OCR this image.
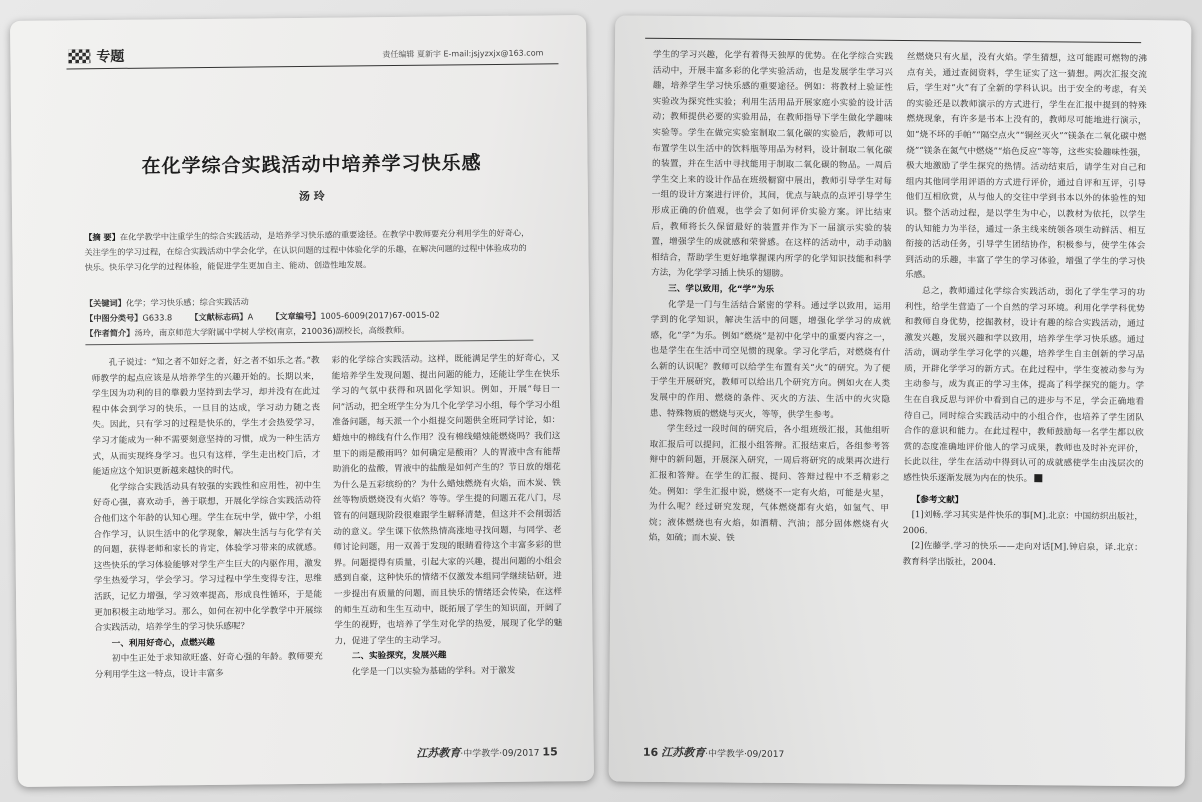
专题	责任编辑 夏新宇 E-mail:jsjyzxjx@163.com
在化学综合实践活动中培养学习快乐感
汤 玲
【摘 要】在化学教学中注重学生的综合实践活动，是培养学习快乐感的重要途径。在教学中教师要充分利用学生的好奇心，关注学生的学习过程，在综合实践活动中学会化学，在认识问题的过程中体验化学的乐趣，在解决问题的过程中体验成功的快乐。快乐学习化学的过程体验，能促进学生更加自主、能动、创造性地发展。
【关键词】化学；学习快乐感；综合实践活动
【中图分类号】G633.8 【文献标志码】A 【文章编号】1005-6009(2017)67-0015-02
【作者简介】汤玲，南京师范大学附属中学树人学校(南京，210036)副校长，高级教师。

孔子说过：“知之者不如好之者，好之者不如乐之者。”教师教学的起点应该是从培养学生的兴趣开始的。长期以来，学生因为功利的目的靠毅力坚持到去学习，却并没有在此过程中体会到学习的快乐，一旦目的达成，学习动力随之丧失。因此，只有学习的过程是快乐的，学生才会热爱学习，学习才能成为一种不需要刻意坚持的习惯，成为一种生活方式，从而实现终身学习。也只有这样，学生走出校门后，才能适应这个知识更新越来越快的时代。

化学综合实践活动具有较强的实践性和应用性，初中生好奇心强，喜欢动手，善于联想，开展化学综合实践活动符合他们这个年龄的认知心理。学生在玩中学，做中学，小组合作学习，认识生活中的化学现象，解决生活与与化学有关的问题，获得老师和家长的肯定，体验学习带来的成就感。这些快乐的学习体验能够对学生产生巨大的内驱作用，激发学生热爱学习，学会学习。学习过程中学生变得专注，思维活跃，记忆力增强，学习效率提高，形成良性循环，于是能更加积极主动地学习。那么，如何在初中化学教学中开展综合实践活动，培养学生的学习快乐感呢？

一、利用好奇心，点燃兴趣

初中生正处于求知欲旺盛、好奇心强的年龄。教师要充分利用学生这一特点，设计丰富多

彩的化学综合实践活动。这样，既能满足学生的好奇心，又能培养学生发现问题、提出问题的能力，还能让学生在快乐学习的气氛中获得和巩固化学知识。例如，开展“每日一问”活动，把全班学生分为几个化学学习小组，每个学习小组准备问题，每天派一个小组提交问题供全班同学讨论，如：蜡烛中的棉线有什么作用？没有棉线蜡烛能燃烧吗？我们这里下的雨是酸雨吗？如何确定是酸雨？人的胃液中含有能帮助消化的盐酸，胃液中的盐酸是如何产生的？节日放的烟花为什么是五彩缤纷的？为什么蜡烛燃烧有火焰，而木炭、铁丝等物质燃烧没有火焰？等等。学生提的问题五花八门，尽管有的问题现阶段很难跟学生解释清楚，但这并不会削弱活动的意义。学生课下依然热情高涨地寻找问题，与同学、老师讨论问题，用一双善于发现的眼睛看待这个丰富多彩的世界。问题提得有质量，引起大家的兴趣，提出问题的小组会感到自豪，这种快乐的情绪不仅激发本组同学继续钻研，进一步提出有质量的问题，而且快乐的情绪还会传染，在这样的师生互动和生生互动中，既拓展了学生的知识面，开阔了学生的视野，也培养了学生对化学的热爱，展现了化学的魅力，促进了学生的主动学习。

二、实验探究，发展兴趣

化学是一门以实验为基础的学科。对于激发

江苏教育·中学教学·09/2017 15

学生的学习兴趣，化学有着得天独厚的优势。在化学综合实践活动中，开展丰富多彩的化学实验活动，也是发展学生学习兴趣，培养学生学习快乐感的重要途径。例如：将教材上验证性实验改为探究性实验；利用生活用品开展家庭小实验的设计活动；教师提供必要的实验用品，在教师指导下学生做化学趣味实验等。学生在做完实验室制取二氧化碳的实验后，教师可以布置学生以生活中的饮料瓶等用品为材料，设计制取二氧化碳的装置，并在生活中寻找能用于制取二氧化碳的物品。一周后学生交上来的设计作品在班级橱窗中展出，教师引导学生对每一组的设计方案进行评价，其间，优点与缺点的点评引导学生形成正确的价值观，也学会了如何评价实验方案。评比结束后，教师将长久保留最好的装置并作为下一届演示实验的装置，增强学生的成就感和荣誉感。在这样的活动中，动手动脑相结合，帮助学生更好地掌握课内所学的化学知识技能和科学方法，为化学学习插上快乐的翅膀。

三、学以致用，化“学”为乐

化学是一门与生活结合紧密的学科。通过学以致用，运用学到的化学知识，解决生活中的问题，增强化学学习的成就感，化“学”为乐。例如“燃烧”是初中化学中的重要内容之一，也是学生在生活中司空见惯的现象。学习化学后，对燃烧有什么新的认识呢？教师可以给学生布置有关“火”的研究。为了便于学生开展研究，教师可以给出几个研究方向。例如火在人类发展中的作用、燃烧的条件、灭火的方法、生活中的火灾隐患、特殊物质的燃烧与灭火，等等，供学生参考。

学生经过一段时间的研究后，各小组班级汇报，其他组听取汇报后可以提问，汇报小组答辩。汇报结束后，各组参考答辩中的新问题，开展深入研究，一周后将研究的成果再次进行汇报和答辩。在学生的汇报、提问、答辩过程中不乏精彩之处。例如：学生汇报中说，燃烧不一定有火焰，可能是火星，为什么呢？经过研究发现，气体燃烧都有火焰，如氢气、甲烷；液体燃烧也有火焰，如酒精、汽油；部分固体燃烧有火焰，如硫；而木炭、铁

丝燃烧只有火星，没有火焰。学生猜想，这可能跟可燃物的沸点有关，通过查阅资料，学生证实了这一猜想。两次汇报交流后，学生对“火”有了全新的学科认识。出于安全的考虑，有关的实验还是以教师演示的方式进行，学生在汇报中提到的特殊燃烧现象，有许多是书本上没有的，教师尽可能地进行演示，如“烧不坏的手帕”“隔空点火”“铜丝灭火”“镁条在二氧化碳中燃烧”“镁条在氮气中燃烧”“焰色反应”等等，这些实验趣味性强，极大地激励了学生探究的热情。活动结束后，请学生对自己和组内其他同学用评语的方式进行评价，通过自评和互评，引导他们互相欣赏，从与他人的交往中学到书本以外的体验性的知识。整个活动过程，是以学生为中心，以教材为依托，以学生的认知能力为半径，通过一条主线来统领各项生动鲜活、相互衔接的活动任务，引导学生团结协作，积极参与，使学生体会到活动的乐趣，丰富了学生的学习体验，增强了学生的学习快乐感。

总之，教师通过化学综合实践活动，弱化了学生学习的功利性，给学生营造了一个自然的学习环境。利用化学学科优势和教师自身优势，挖掘教材，设计有趣的综合实践活动，通过激发兴趣，发展兴趣和学以致用，培养学生学习快乐感。通过活动，调动学生学习化学的兴趣，培养学生自主创新的学习品质，开辟化学学习的新方式。在此过程中，学生变被动参与为主动参与，成为真正的学习主体，提高了科学探究的能力。学生在自我反思与评价中看到自己的进步与不足，学会正确地看待自己，同时综合实践活动中的小组合作，也培养了学生团队合作的意识和能力。在此过程中，教师鼓励每一名学生都以欣赏的态度准确地评价他人的学习成果，教师也及时补充评价，长此以往，学生在活动中得到认可的成就感使学生由浅层次的感性快乐逐渐发展为内在的快乐。

【参考文献】

[1]刘畅.学习其实是件快乐的事[M].北京：中国纺织出版社，2006.

[2]佐藤学.学习的快乐——走向对话[M].钟启泉，译.北京：教育科学出版社，2004.

16 江苏教育·中学教学·09/2017
